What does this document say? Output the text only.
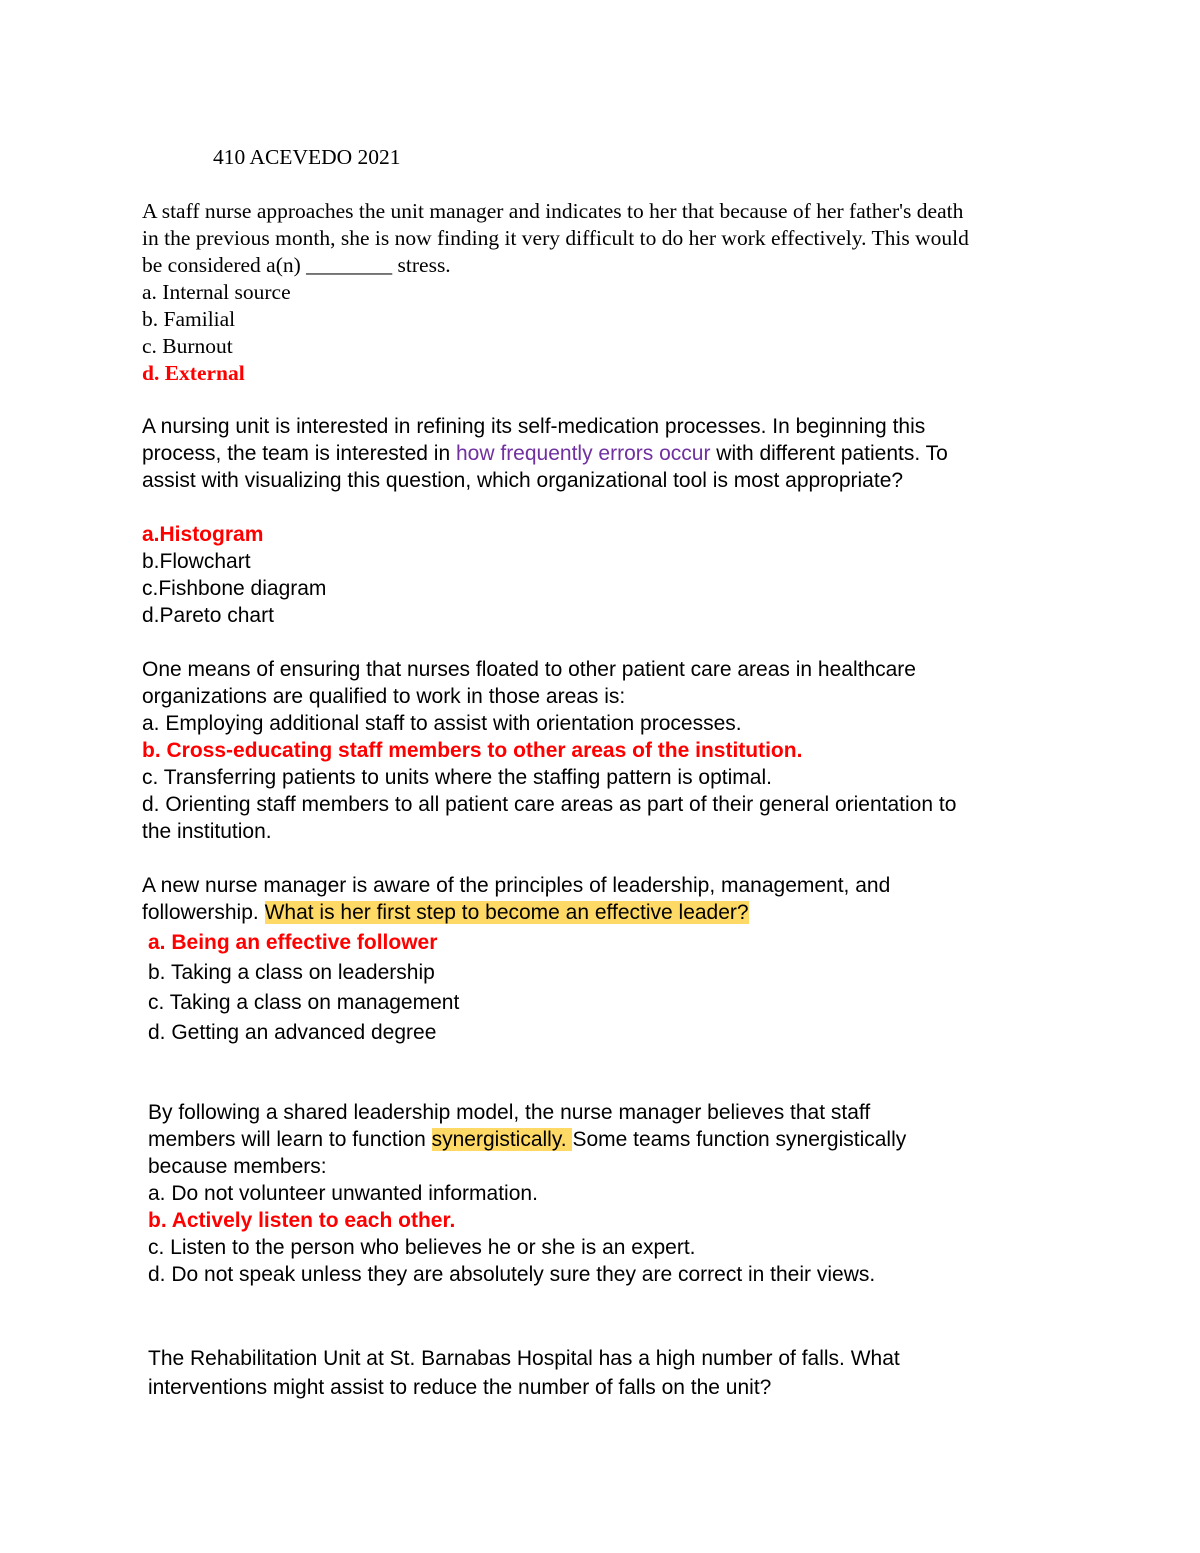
410 ACEVEDO 2021
A staff nurse approaches the unit manager and indicates to her that because of her father's death
in the previous month, she is now finding it very difficult to do her work effectively. This would
be considered a(n) ________ stress.
a. Internal source
b. Familial
c. Burnout
d. External
A nursing unit is interested in refining its self-medication processes. In beginning this
process, the team is interested in how frequently errors occur with different patients. To
assist with visualizing this question, which organizational tool is most appropriate?
a.Histogram
b.Flowchart
c.Fishbone diagram
d.Pareto chart
One means of ensuring that nurses floated to other patient care areas in healthcare
organizations are qualified to work in those areas is:
a. Employing additional staff to assist with orientation processes.
b. Cross-educating staff members to other areas of the institution.
c. Transferring patients to units where the staffing pattern is optimal.
d. Orienting staff members to all patient care areas as part of their general orientation to
the institution.
A new nurse manager is aware of the principles of leadership, management, and
followership. What is her first step to become an effective leader?
a. Being an effective follower
b. Taking a class on leadership
c. Taking a class on management
d. Getting an advanced degree
By following a shared leadership model, the nurse manager believes that staff
members will learn to function synergistically. Some teams function synergistically
because members:
a. Do not volunteer unwanted information.
b. Actively listen to each other.
c. Listen to the person who believes he or she is an expert.
d. Do not speak unless they are absolutely sure they are correct in their views.
The Rehabilitation Unit at St. Barnabas Hospital has a high number of falls. What
interventions might assist to reduce the number of falls on the unit?
